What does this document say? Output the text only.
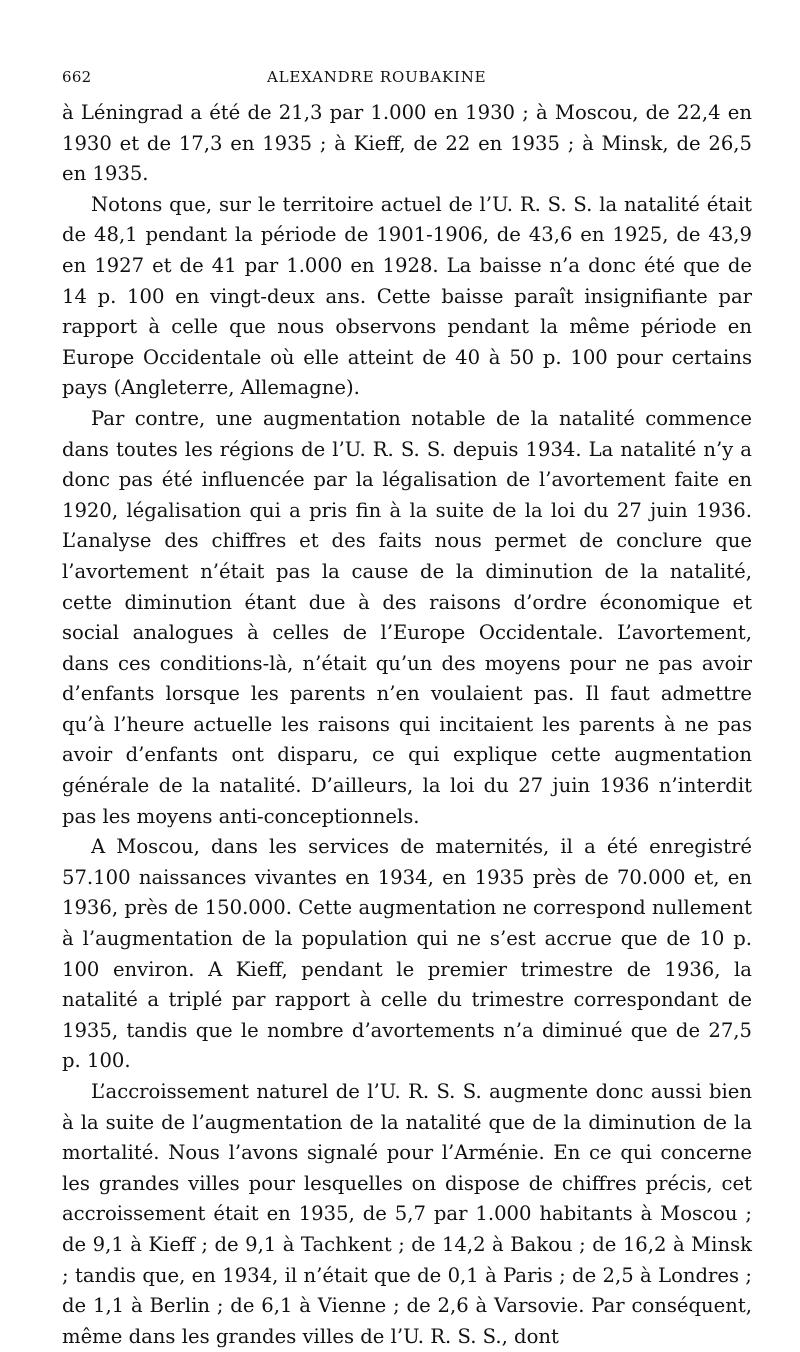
662	ALEXANDRE ROUBAKINE

à Léningrad a été de 21,3 par 1.000 en 1930 ; à Moscou, de 22,4 en 1930 et de 17,3 en 1935 ; à Kieff, de 22 en 1935 ; à Minsk, de 26,5 en 1935.

Notons que, sur le territoire actuel de l’U. R. S. S. la natalité était de 48,1 pendant la période de 1901-1906, de 43,6 en 1925, de 43,9 en 1927 et de 41 par 1.000 en 1928. La baisse n’a donc été que de 14 p. 100 en vingt-deux ans. Cette baisse paraît insignifiante par rapport à celle que nous observons pendant la même période en Europe Occidentale où elle atteint de 40 à 50 p. 100 pour certains pays (Angleterre, Allemagne).

Par contre, une augmentation notable de la natalité commence dans toutes les régions de l’U. R. S. S. depuis 1934. La natalité n’y a donc pas été influencée par la légalisation de l’avortement faite en 1920, légalisation qui a pris fin à la suite de la loi du 27 juin 1936. L’analyse des chiffres et des faits nous permet de conclure que l’avortement n’était pas la cause de la diminution de la natalité, cette diminution étant due à des raisons d’ordre économique et social analogues à celles de l’Europe Occidentale. L’avortement, dans ces conditions-là, n’était qu’un des moyens pour ne pas avoir d’enfants lorsque les parents n’en voulaient pas. Il faut admettre qu’à l’heure actuelle les raisons qui incitaient les parents à ne pas avoir d’enfants ont disparu, ce qui explique cette augmentation générale de la natalité. D’ailleurs, la loi du 27 juin 1936 n’interdit pas les moyens anti-conceptionnels.

A Moscou, dans les services de maternités, il a été enregistré 57.100 naissances vivantes en 1934, en 1935 près de 70.000 et, en 1936, près de 150.000. Cette augmentation ne correspond nullement à l’augmentation de la population qui ne s’est accrue que de 10 p. 100 environ. A Kieff, pendant le premier trimestre de 1936, la natalité a triplé par rapport à celle du trimestre correspondant de 1935, tandis que le nombre d’avortements n’a diminué que de 27,5 p. 100.

L’accroissement naturel de l’U. R. S. S. augmente donc aussi bien à la suite de l’augmentation de la natalité que de la diminution de la mortalité. Nous l’avons signalé pour l’Arménie. En ce qui concerne les grandes villes pour lesquelles on dispose de chiffres précis, cet accroissement était en 1935, de 5,7 par 1.000 habitants à Moscou ; de 9,1 à Kieff ; de 9,1 à Tachkent ; de 14,2 à Bakou ; de 16,2 à Minsk ; tandis que, en 1934, il n’était que de 0,1 à Paris ; de 2,5 à Londres ; de 1,1 à Berlin ; de 6,1 à Vienne ; de 2,6 à Varsovie. Par conséquent, même dans les grandes villes de l’U. R. S. S., dont
